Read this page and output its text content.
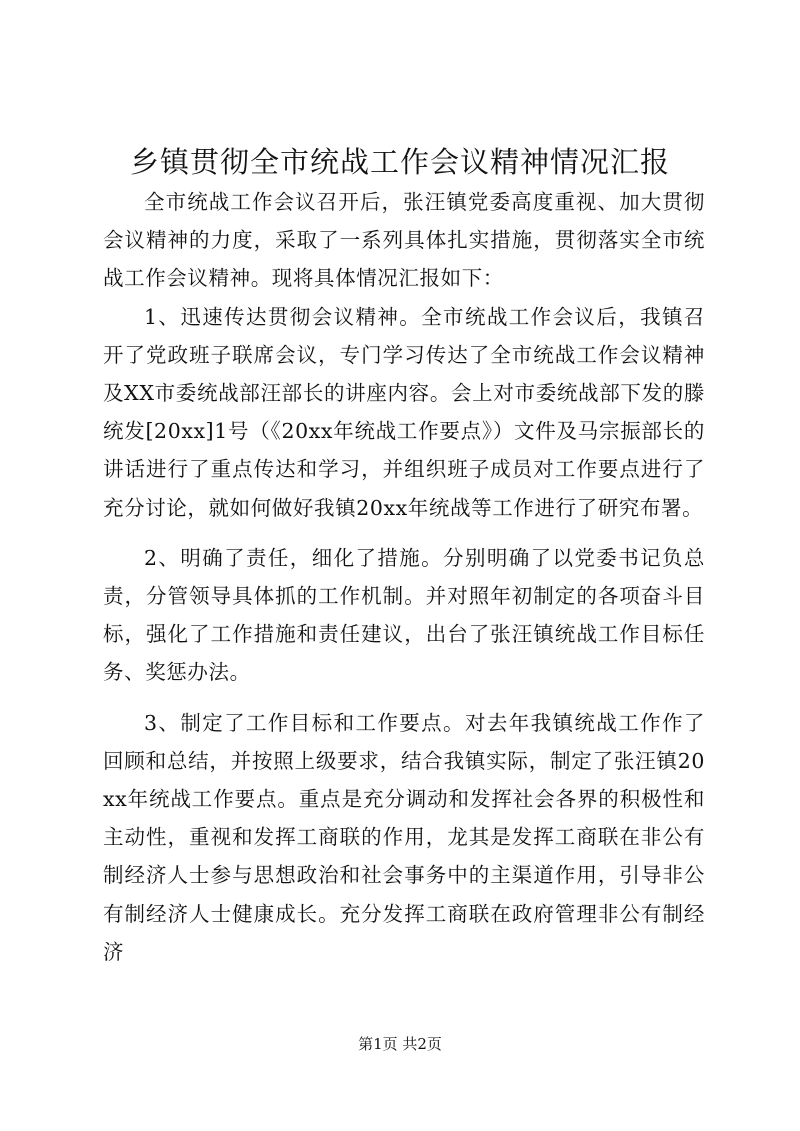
乡镇贯彻全市统战工作会议精神情况汇报

全市统战工作会议召开后，张汪镇党委高度重视、加大贯彻会议精神的力度，采取了一系列具体扎实措施，贯彻落实全市统战工作会议精神。现将具体情况汇报如下：

1、迅速传达贯彻会议精神。全市统战工作会议后，我镇召开了党政班子联席会议，专门学习传达了全市统战工作会议精神及XX市委统战部汪部长的讲座内容。会上对市委统战部下发的滕统发[20xx]1号（《20xx年统战工作要点》）文件及马宗振部长的讲话进行了重点传达和学习，并组织班子成员对工作要点进行了充分讨论，就如何做好我镇20xx年统战等工作进行了研究布署。

2、明确了责任，细化了措施。分别明确了以党委书记负总责，分管领导具体抓的工作机制。并对照年初制定的各项奋斗目标，强化了工作措施和责任建议，出台了张汪镇统战工作目标任务、奖惩办法。

3、制定了工作目标和工作要点。对去年我镇统战工作作了回顾和总结，并按照上级要求，结合我镇实际，制定了张汪镇20xx年统战工作要点。重点是充分调动和发挥社会各界的积极性和主动性，重视和发挥工商联的作用，龙其是发挥工商联在非公有制经济人士参与思想政治和社会事务中的主渠道作用，引导非公有制经济人士健康成长。充分发挥工商联在政府管理非公有制经济

第1页 共2页
